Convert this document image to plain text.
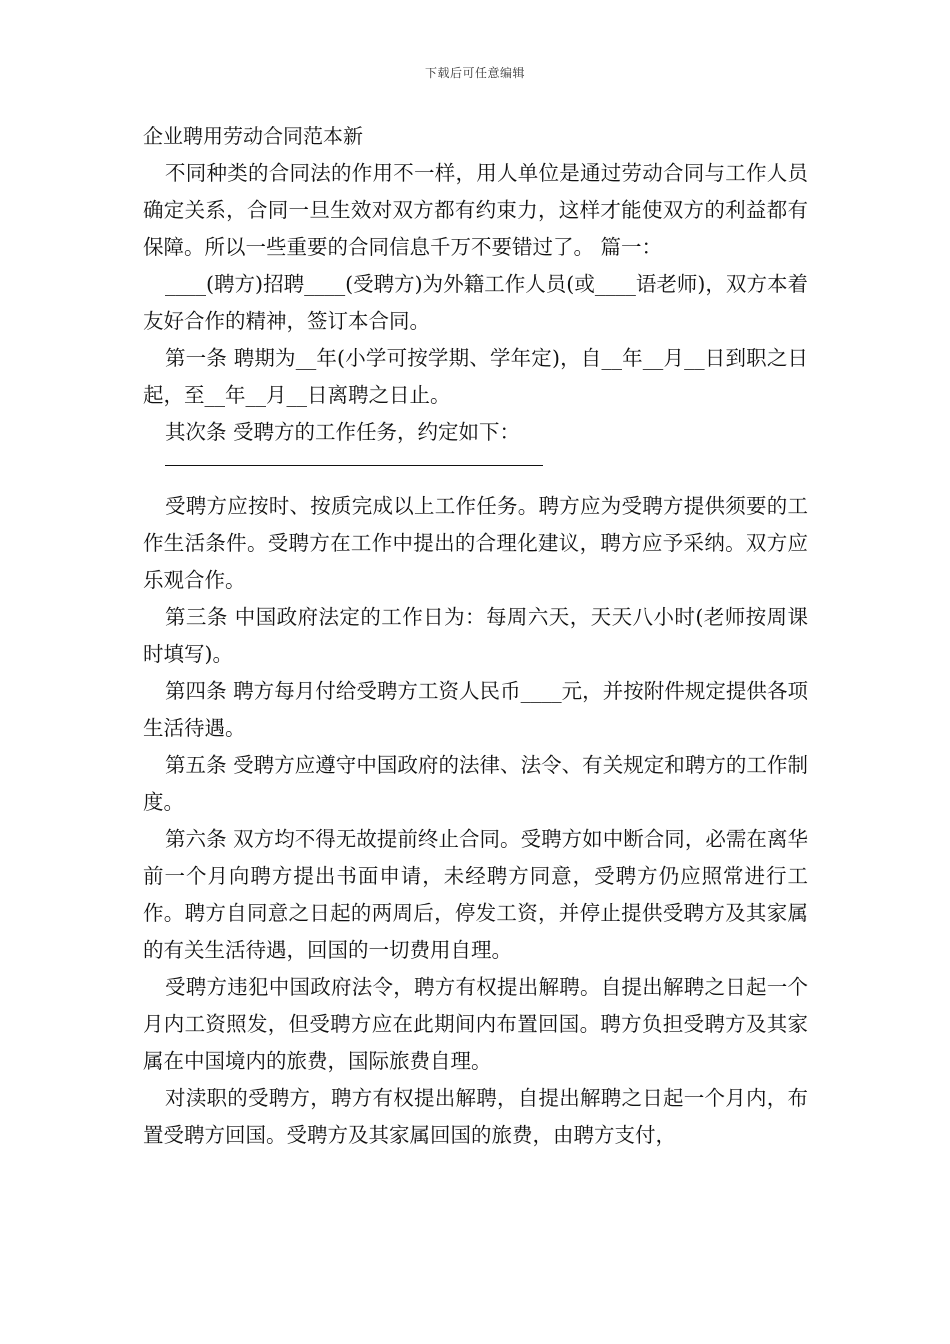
下载后可任意编辑

企业聘用劳动合同范本新

不同种类的合同法的作用不一样，用人单位是通过劳动合同与工作人员确定关系，合同一旦生效对双方都有约束力，这样才能使双方的利益都有保障。所以一些重要的合同信息千万不要错过了。 篇一：

____(聘方)招聘____(受聘方)为外籍工作人员(或____语老师)，双方本着友好合作的精神，签订本合同。

第一条 聘期为__年(小学可按学期、学年定)，自__年__月__日到职之日起，至__年__月__日离聘之日止。

其次条 受聘方的工作任务，约定如下：

受聘方应按时、按质完成以上工作任务。聘方应为受聘方提供须要的工作生活条件。受聘方在工作中提出的合理化建议，聘方应予采纳。双方应乐观合作。

第三条 中国政府法定的工作日为：每周六天，天天八小时(老师按周课时填写)。

第四条 聘方每月付给受聘方工资人民币____元，并按附件规定提供各项生活待遇。

第五条 受聘方应遵守中国政府的法律、法令、有关规定和聘方的工作制度。

第六条 双方均不得无故提前终止合同。受聘方如中断合同，必需在离华前一个月向聘方提出书面申请，未经聘方同意，受聘方仍应照常进行工作。聘方自同意之日起的两周后，停发工资，并停止提供受聘方及其家属的有关生活待遇，回国的一切费用自理。

受聘方违犯中国政府法令，聘方有权提出解聘。自提出解聘之日起一个月内工资照发，但受聘方应在此期间内布置回国。聘方负担受聘方及其家属在中国境内的旅费，国际旅费自理。

对渎职的受聘方，聘方有权提出解聘，自提出解聘之日起一个月内，布置受聘方回国。受聘方及其家属回国的旅费，由聘方支付，
